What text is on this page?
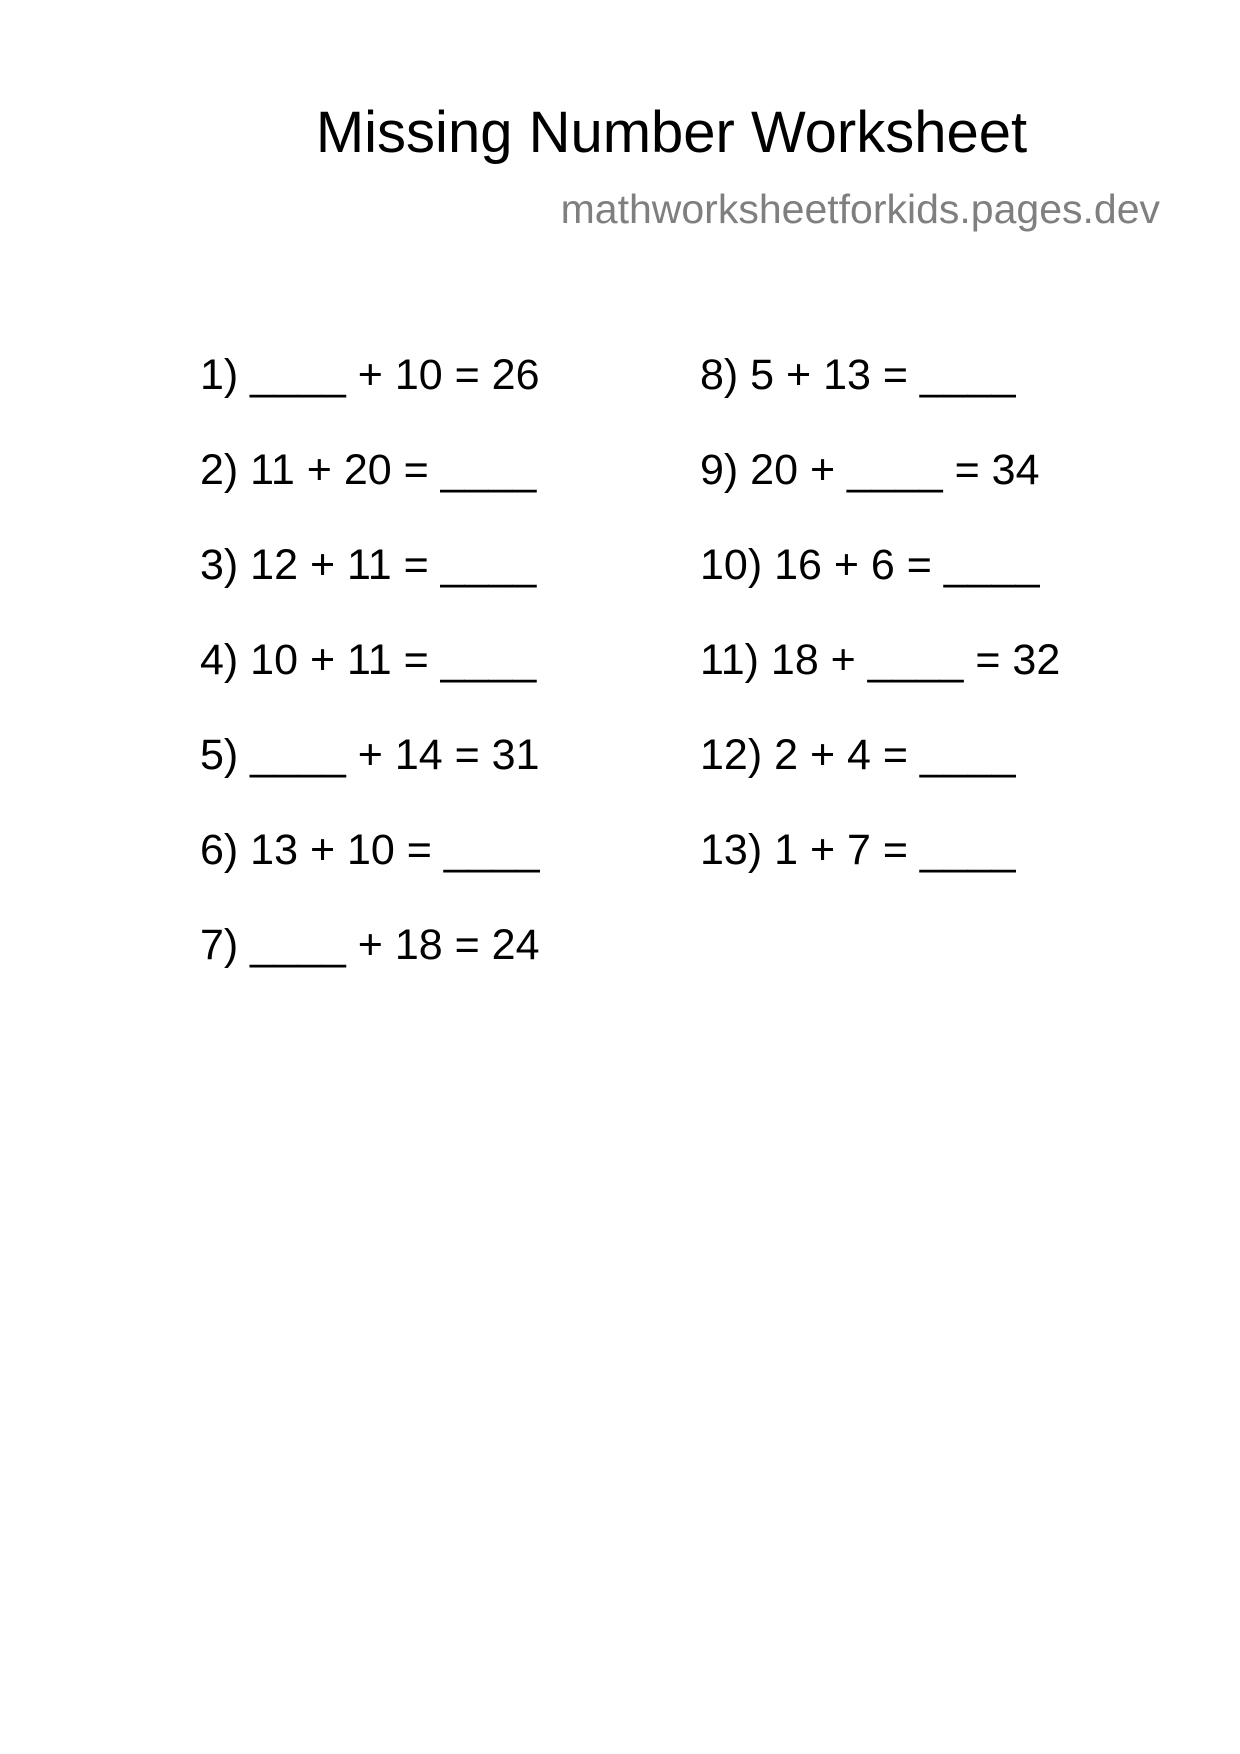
Missing Number Worksheet
mathworksheetforkids.pages.dev
1) ____ + 10 = 26
2) 11 + 20 = ____
3) 12 + 11 = ____
4) 10 + 11 = ____
5) ____ + 14 = 31
6) 13 + 10 = ____
7) ____ + 18 = 24
8) 5 + 13 = ____
9) 20 + ____ = 34
10) 16 + 6 = ____
11) 18 + ____ = 32
12) 2 + 4 = ____
13) 1 + 7 = ____
